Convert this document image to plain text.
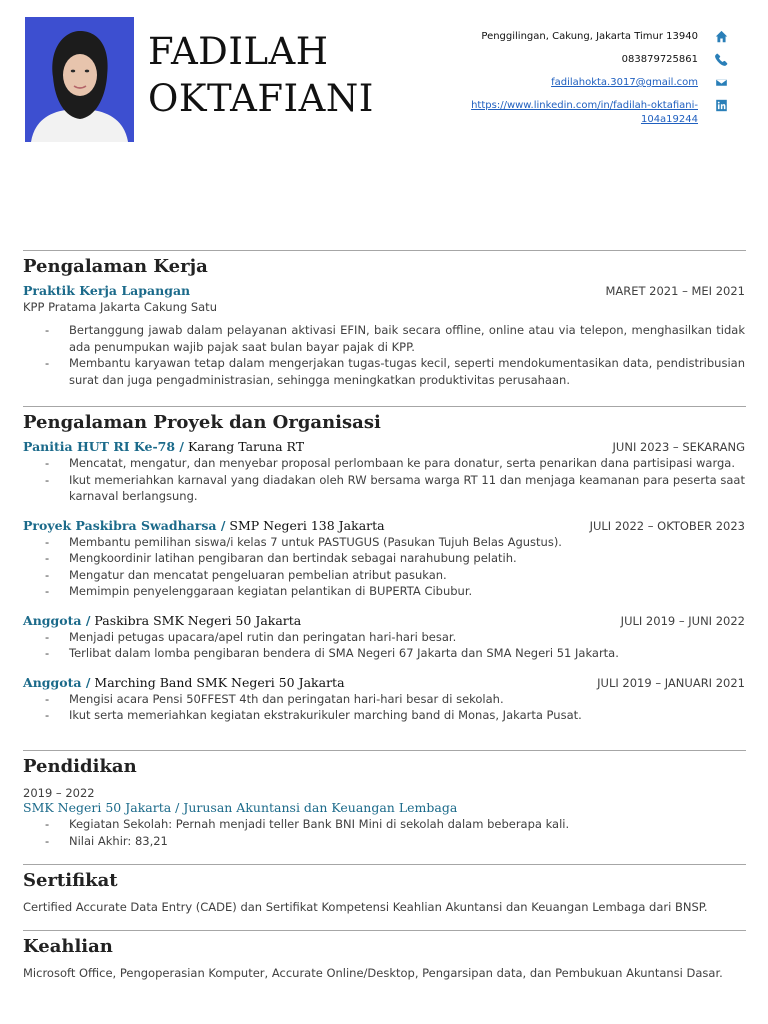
FADILAH
OKTAFIANI
Penggilingan, Cakung, Jakarta Timur 13940
083879725861
fadilahokta.3017@gmail.com
https://www.linkedin.com/in/fadilah-oktafiani-
104a19244
Pengalaman Kerja
Praktik Kerja Lapangan	MARET 2021 – MEI 2021
KPP Pratama Jakarta Cakung Satu
- Bertanggung jawab dalam pelayanan aktivasi EFIN, baik secara offline, online atau via telepon, menghasilkan tidak ada penumpukan wajib pajak saat bulan bayar pajak di KPP.
- Membantu karyawan tetap dalam mengerjakan tugas-tugas kecil, seperti mendokumentasikan data, pendistribusian surat dan juga pengadministrasian, sehingga meningkatkan produktivitas perusahaan.
Pengalaman Proyek dan Organisasi
Panitia HUT RI Ke-78 / Karang Taruna RT	JUNI 2023 – SEKARANG
- Mencatat, mengatur, dan menyebar proposal perlombaan ke para donatur, serta penarikan dana partisipasi warga.
- Ikut memeriahkan karnaval yang diadakan oleh RW bersama warga RT 11 dan menjaga keamanan para peserta saat karnaval berlangsung.
Proyek Paskibra Swadharsa / SMP Negeri 138 Jakarta	JULI 2022 – OKTOBER 2023
- Membantu pemilihan siswa/i kelas 7 untuk PASTUGUS (Pasukan Tujuh Belas Agustus).
- Mengkoordinir latihan pengibaran dan bertindak sebagai narahubung pelatih.
- Mengatur dan mencatat pengeluaran pembelian atribut pasukan.
- Memimpin penyelenggaraan kegiatan pelantikan di BUPERTA Cibubur.
Anggota / Paskibra SMK Negeri 50 Jakarta	JULI 2019 – JUNI 2022
- Menjadi petugas upacara/apel rutin dan peringatan hari-hari besar.
- Terlibat dalam lomba pengibaran bendera di SMA Negeri 67 Jakarta dan SMA Negeri 51 Jakarta.
Anggota / Marching Band SMK Negeri 50 Jakarta	JULI 2019 – JANUARI 2021
- Mengisi acara Pensi 50FFEST 4th dan peringatan hari-hari besar di sekolah.
- Ikut serta memeriahkan kegiatan ekstrakurikuler marching band di Monas, Jakarta Pusat.
Pendidikan
2019 – 2022
SMK Negeri 50 Jakarta / Jurusan Akuntansi dan Keuangan Lembaga
- Kegiatan Sekolah: Pernah menjadi teller Bank BNI Mini di sekolah dalam beberapa kali.
- Nilai Akhir: 83,21
Sertifikat
Certified Accurate Data Entry (CADE) dan Sertifikat Kompetensi Keahlian Akuntansi dan Keuangan Lembaga dari BNSP.
Keahlian
Microsoft Office, Pengoperasian Komputer, Accurate Online/Desktop, Pengarsipan data, dan Pembukuan Akuntansi Dasar.
